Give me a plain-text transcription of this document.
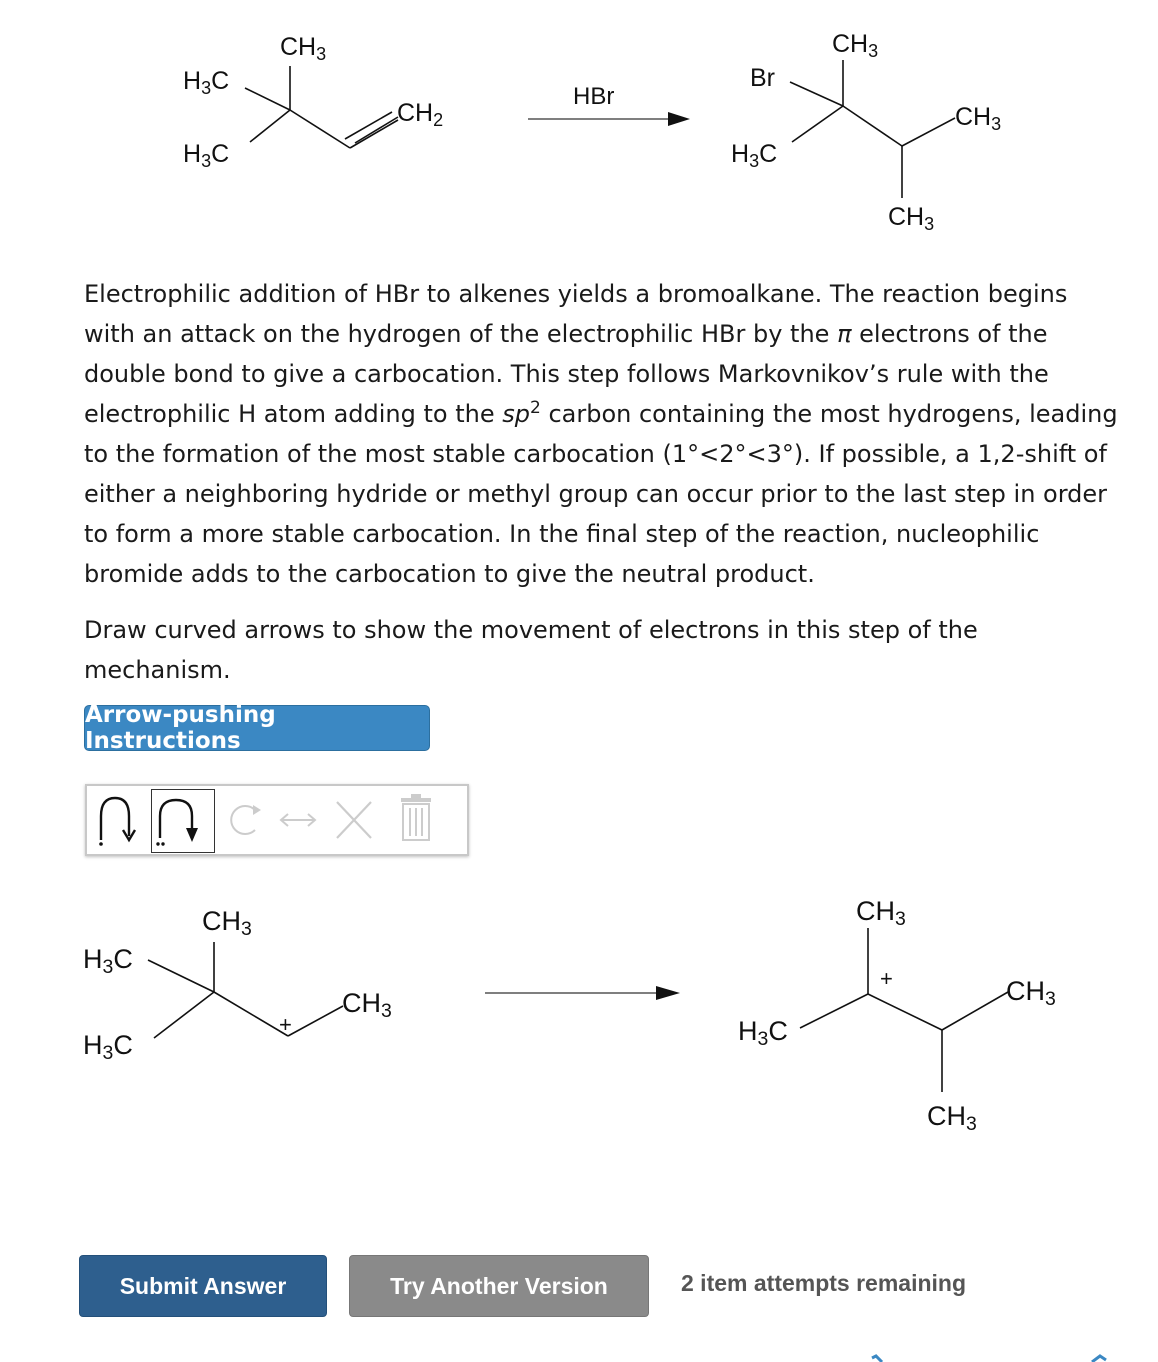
$CH_3$
$H_3C$
$H_3C$
$CH_2$
HBr
$CH_3$
Br
$H_3C$
$CH_3$
$CH_3$

Electrophilic addition of HBr to alkenes yields a bromoalkane. The reaction begins with an attack on the hydrogen of the electrophilic HBr by the π electrons of the double bond to give a carbocation. This step follows Markovnikov’s rule with the electrophilic H atom adding to the $sp^2$ carbon containing the most hydrogens, leading to the formation of the most stable carbocation (1°<2°<3°). If possible, a 1,2-shift of either a neighboring hydride or methyl group can occur prior to the last step in order to form a more stable carbocation. In the final step of the reaction, nucleophilic bromide adds to the carbocation to give the neutral product.

Draw curved arrows to show the movement of electrons in this step of the mechanism.

Arrow-pushing Instructions
CH3
H3C
H3C
+
CH3
CH3
+	CH3
H3C
CH3
Submit Answer	Try Another Version	2 item attempts remaining
